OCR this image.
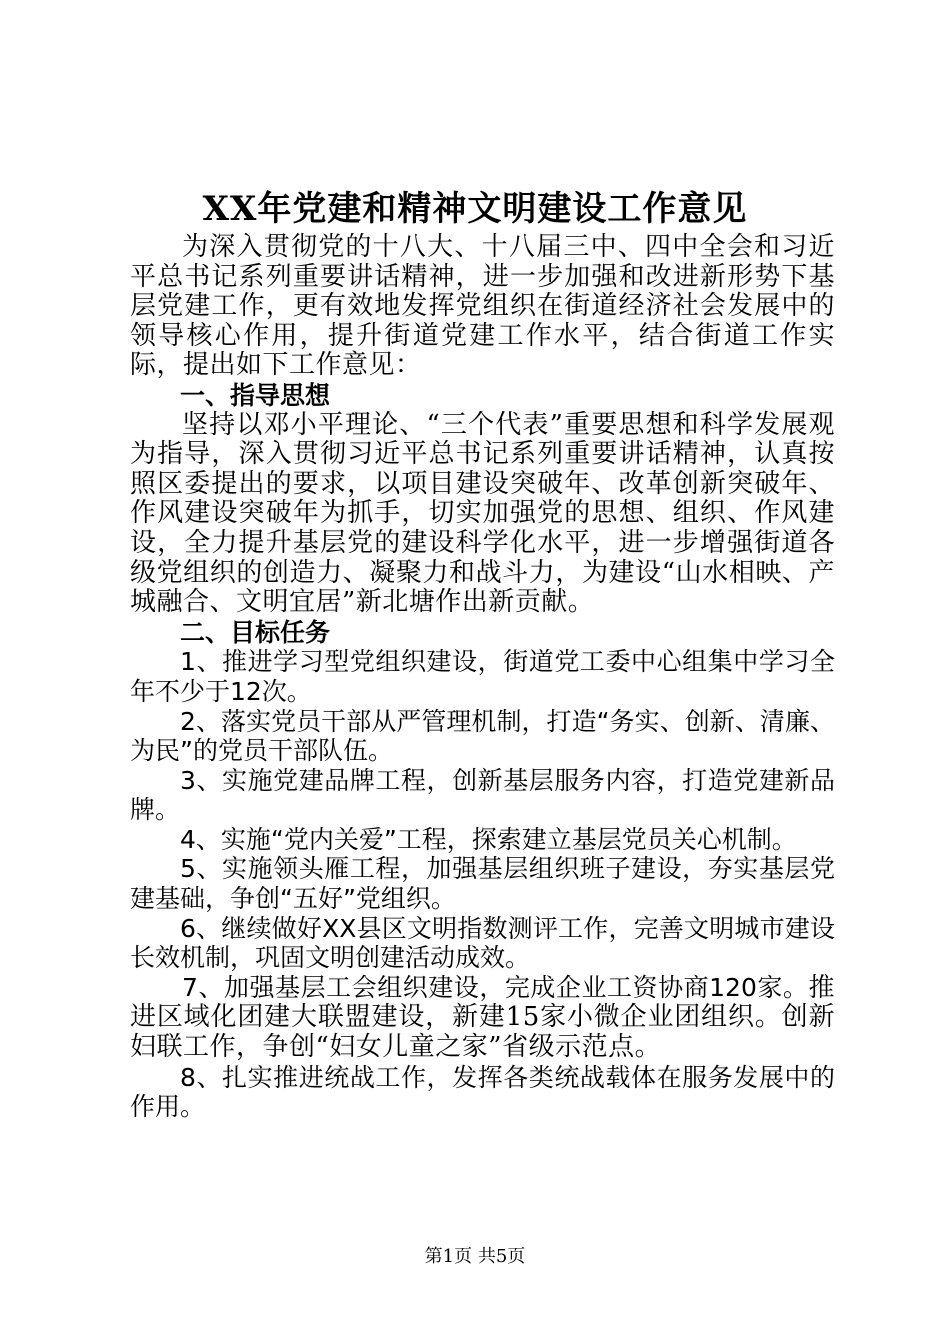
XX年党建和精神文明建设工作意见

为深入贯彻党的十八大、十八届三中、四中全会和习近平总书记系列重要讲话精神，进一步加强和改进新形势下基层党建工作，更有效地发挥党组织在街道经济社会发展中的领导核心作用，提升街道党建工作水平，结合街道工作实际，提出如下工作意见：

一、指导思想

坚持以邓小平理论、“三个代表”重要思想和科学发展观为指导，深入贯彻习近平总书记系列重要讲话精神，认真按照区委提出的要求，以项目建设突破年、改革创新突破年、作风建设突破年为抓手，切实加强党的思想、组织、作风建设，全力提升基层党的建设科学化水平，进一步增强街道各级党组织的创造力、凝聚力和战斗力，为建设“山水相映、产城融合、文明宜居”新北塘作出新贡献。

二、目标任务

1、推进学习型党组织建设，街道党工委中心组集中学习全年不少于12次。

2、落实党员干部从严管理机制，打造“务实、创新、清廉、为民”的党员干部队伍。

3、实施党建品牌工程，创新基层服务内容，打造党建新品牌。

4、实施“党内关爱”工程，探索建立基层党员关心机制。

5、实施领头雁工程，加强基层组织班子建设，夯实基层党建基础，争创“五好”党组织。

6、继续做好XX县区文明指数测评工作，完善文明城市建设长效机制，巩固文明创建活动成效。

7、加强基层工会组织建设，完成企业工资协商120家。推进区域化团建大联盟建设，新建15家小微企业团组织。创新妇联工作，争创“妇女儿童之家”省级示范点。

8、扎实推进统战工作，发挥各类统战载体在服务发展中的作用。

第1页 共5页
